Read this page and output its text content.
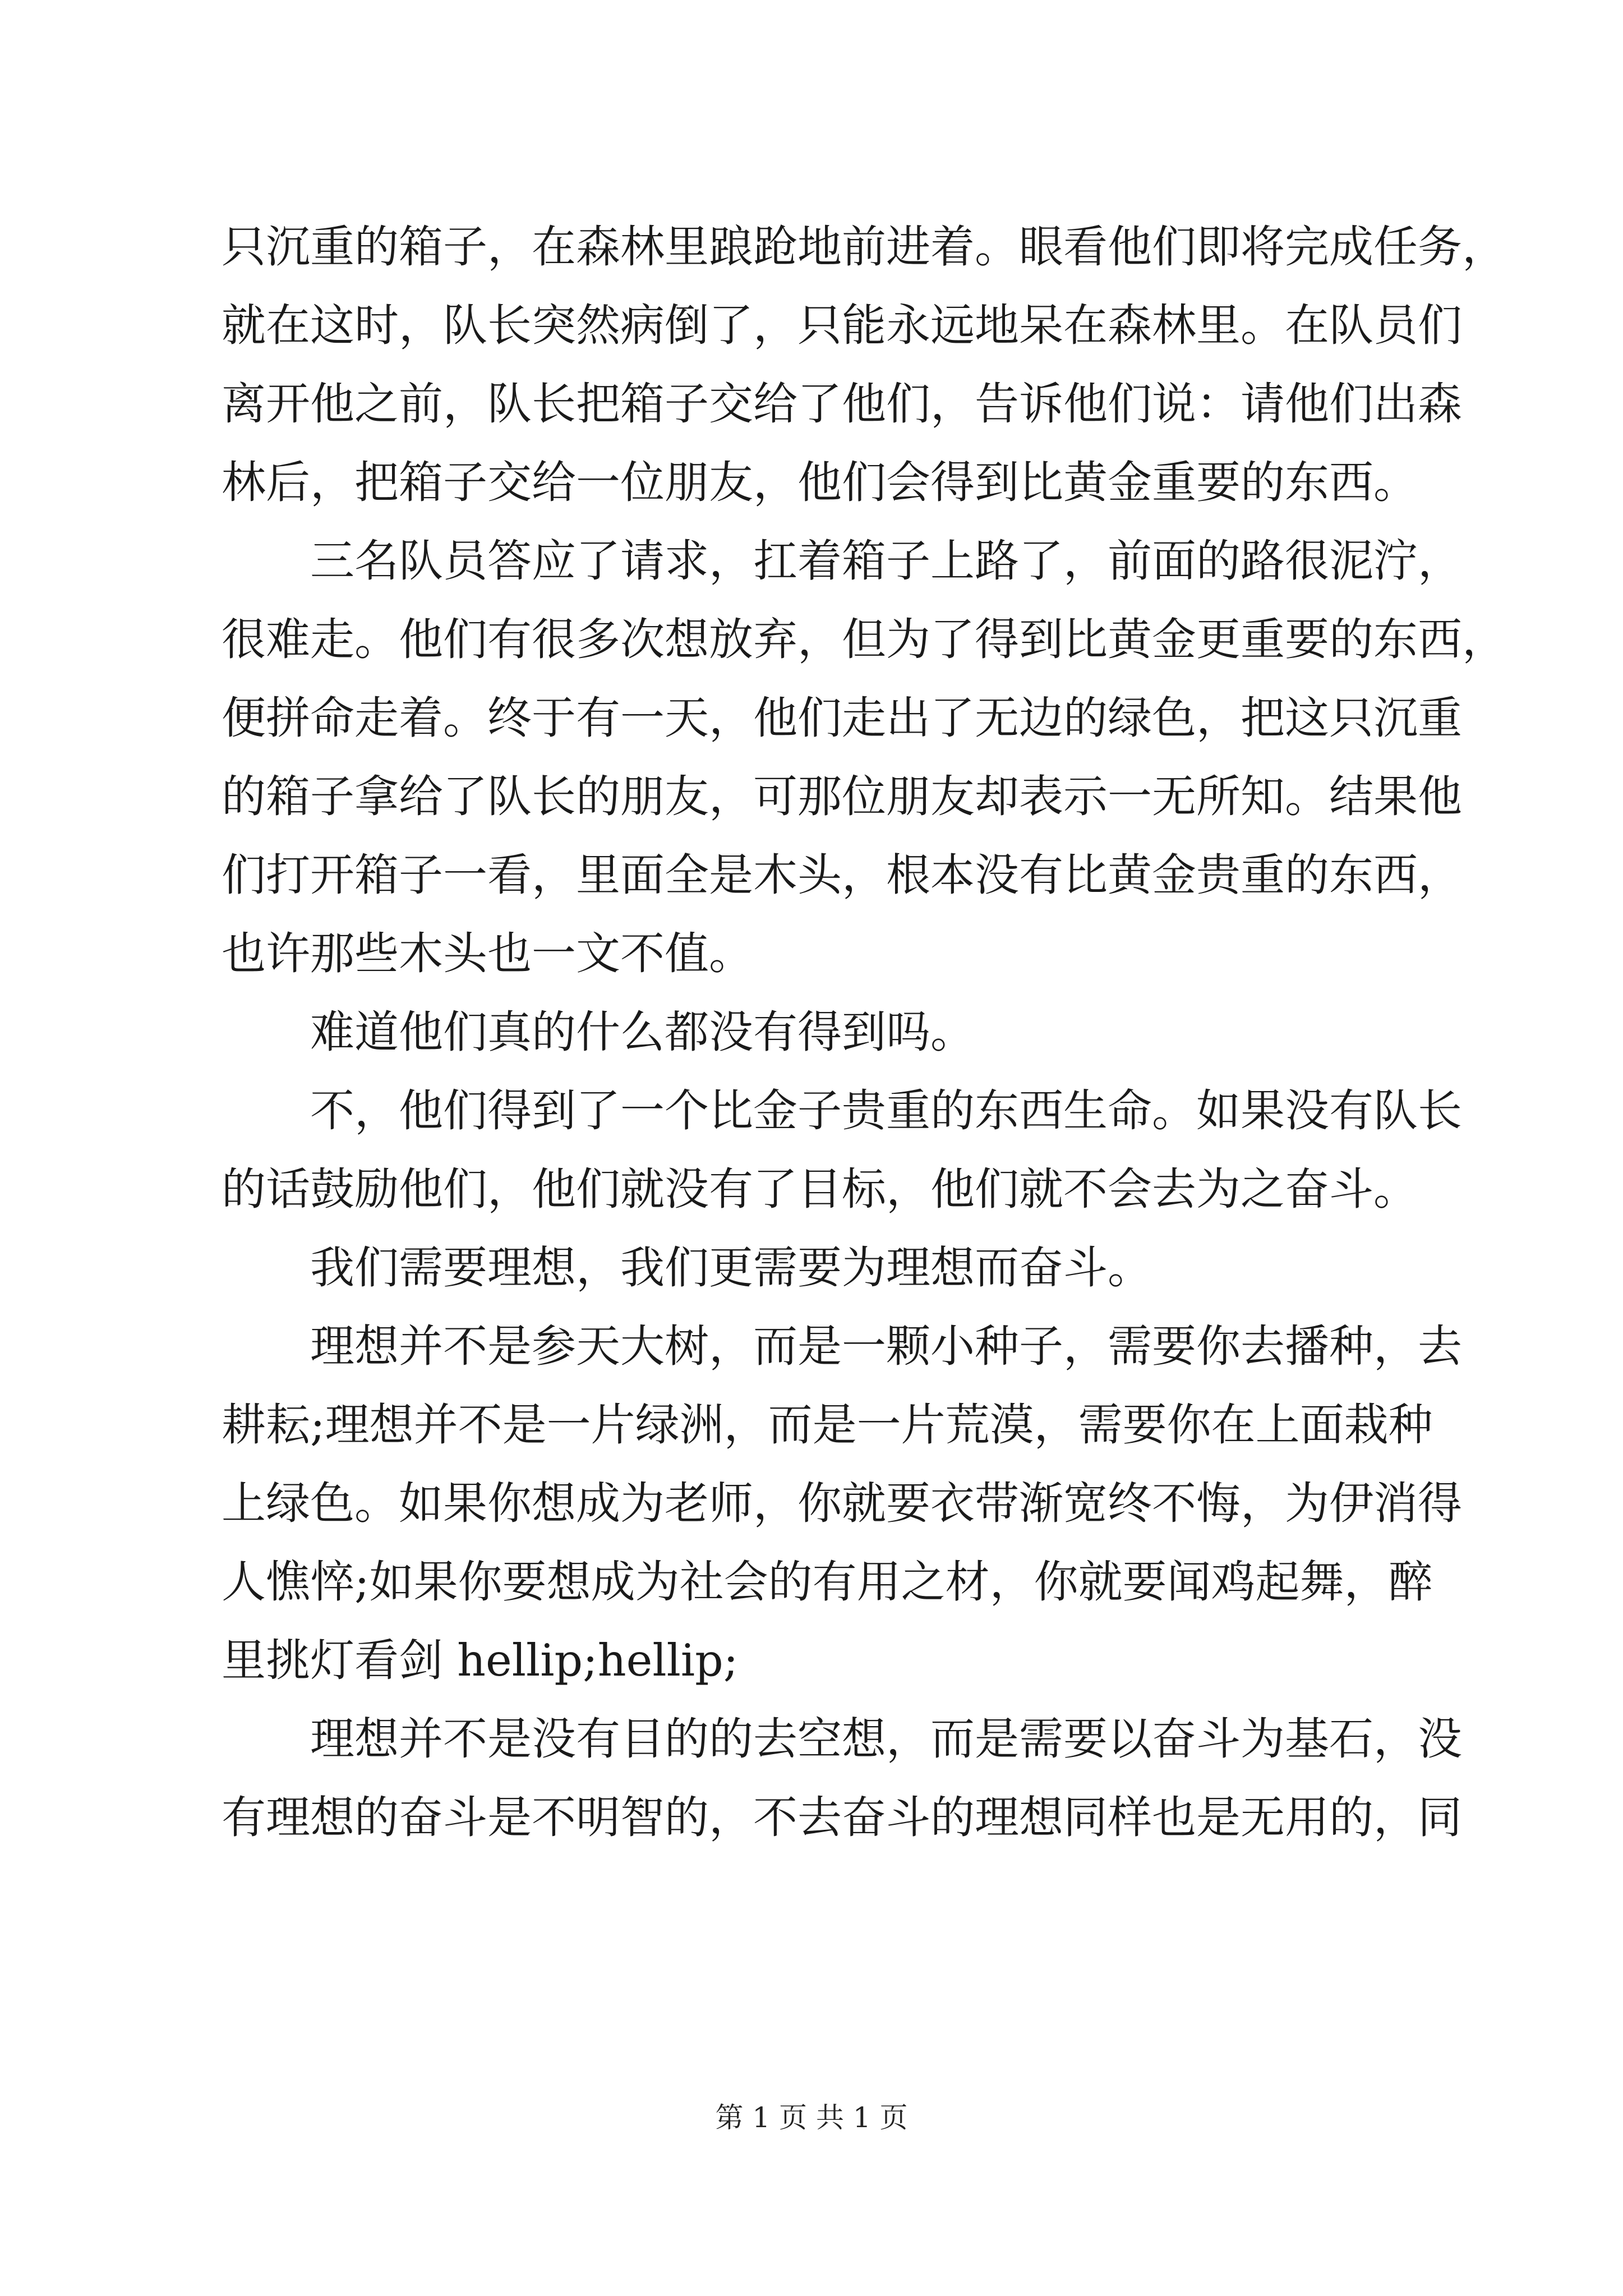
只沉重的箱子，在森林里踉跄地前进着。眼看他们即将完成任务，
就在这时，队长突然病倒了，只能永远地呆在森林里。在队员们
离开他之前，队长把箱子交给了他们，告诉他们说：请他们出森
林后，把箱子交给一位朋友，他们会得到比黄金重要的东西。
三名队员答应了请求，扛着箱子上路了，前面的路很泥泞，
很难走。他们有很多次想放弃，但为了得到比黄金更重要的东西，
便拼命走着。终于有一天，他们走出了无边的绿色，把这只沉重
的箱子拿给了队长的朋友，可那位朋友却表示一无所知。结果他
们打开箱子一看，里面全是木头，根本没有比黄金贵重的东西，
也许那些木头也一文不值。
难道他们真的什么都没有得到吗。
不，他们得到了一个比金子贵重的东西生命。如果没有队长
的话鼓励他们，他们就没有了目标，他们就不会去为之奋斗。
我们需要理想，我们更需要为理想而奋斗。
理想并不是参天大树，而是一颗小种子，需要你去播种，去
耕耘;理想并不是一片绿洲，而是一片荒漠，需要你在上面栽种
上绿色。如果你想成为老师，你就要衣带渐宽终不悔，为伊消得
人憔悴;如果你要想成为社会的有用之材，你就要闻鸡起舞，醉
里挑灯看剑 hellip;hellip;
理想并不是没有目的的去空想，而是需要以奋斗为基石，没
有理想的奋斗是不明智的，不去奋斗的理想同样也是无用的，同
第 1 页 共 1 页
